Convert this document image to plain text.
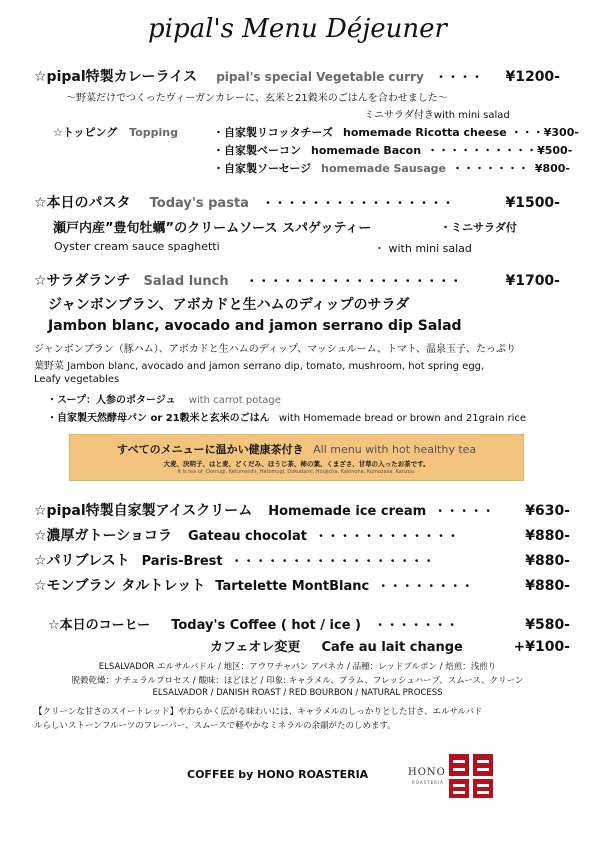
pipal's Menu Déjeuner
☆pipal特製カレーライス pipal's special Vegetable curry ・・・・ ¥1200-
〜野菜だけでつくったヴィーガンカレーに、玄米と21穀米のごはんを合わせました〜
ミニサラダ付きwith mini salad
☆トッピング Topping	・自家製リコッタチーズ homemade Ricotta cheese ・・・ ¥300-
・自家製ベーコン homemade Bacon ・・・・・・・・・・ ¥500-
・自家製ソーセージ homemade Sausage ・・・・・・・ ¥800-
☆本日のパスタ Today's pasta ・・・・・・・・・・・・・・・・	¥1500-
瀬戸内産”豊旬牡蠣”のクリームソース スパゲッティー	・ミニサラダ付
Oyster cream sauce spaghetti	・ with mini salad
☆サラダランチ Salad lunch ・・・・・・・・・・・・・・・・・・	¥1700-
ジャンボンブラン、アボカドと生ハムのディップのサラダ
Jambon blanc, avocado and jamon serrano dip Salad
ジャンボンブラン（豚ハム）、アボカドと生ハムのディップ、マッシュルーム、トマト、温泉玉子、たっぷり
葉野菜 Jambon blanc, avocado and jamon serrano dip, tomato, mushroom, hot spring egg,
Leafy vegetables
・スープ：人参のポタージュ with carrot potage
・自家製天然酵母パン or 21穀米と玄米のごはん with Homemade bread or brown and 21grain rice
すべてのメニューに温かい健康茶付き All menu with hot healthy tea
大麦、決明子、はと麦、どくだみ、ほうじ茶、柿の葉、くまざさ、甘草の入ったお茶です。
It is tea of :Oomugi, Ketumeishi, Hatomugi, Dokudami, Houjicha, Kakinoha, Kumazasa, Kanzou.
☆pipal特製自家製アイスクリーム Homemade ice cream ・・・・・ ¥630-
☆濃厚ガトーショコラ Gateau chocolat ・・・・・・・・・・・・	¥880-
☆パリブレスト Paris-Brest ・・・・・・・・・・・・・・・・・	¥880-
☆モンブラン タルトレット Tartelette MontBlanc ・・・・・・・・	¥880-
☆本日のコーヒー Today's Coffee ( hot / ice ) ・・・・・・・	¥580-
カフェオレ変更 Cafe au lait change	+¥100-
ELSALVADOR エルサルバドル / 地区：アウワチャパン アパネカ / 品種：レッドブルボン / 焙煎：浅煎り
脱穀乾燥：ナチュラルプロセス / 酸味：ほどほど / 印象: キャラメル、プラム、フレッシュハーブ、スムース、クリーン
ELSALVADOR / DANISH ROAST / RED BOURBON / NATURAL PROCESS
【クリーンな甘さのスイートレッド】やわらかく広がる味わいには、キャラメルのしっかりとした甘さ、エルサルバド
ルらしいストーンフルーツのフレーバー、スムースで軽やかなミネラルの余韻がたのしめます。
COFFEE by HONO ROASTERIA	HONO
ROASTERIA
